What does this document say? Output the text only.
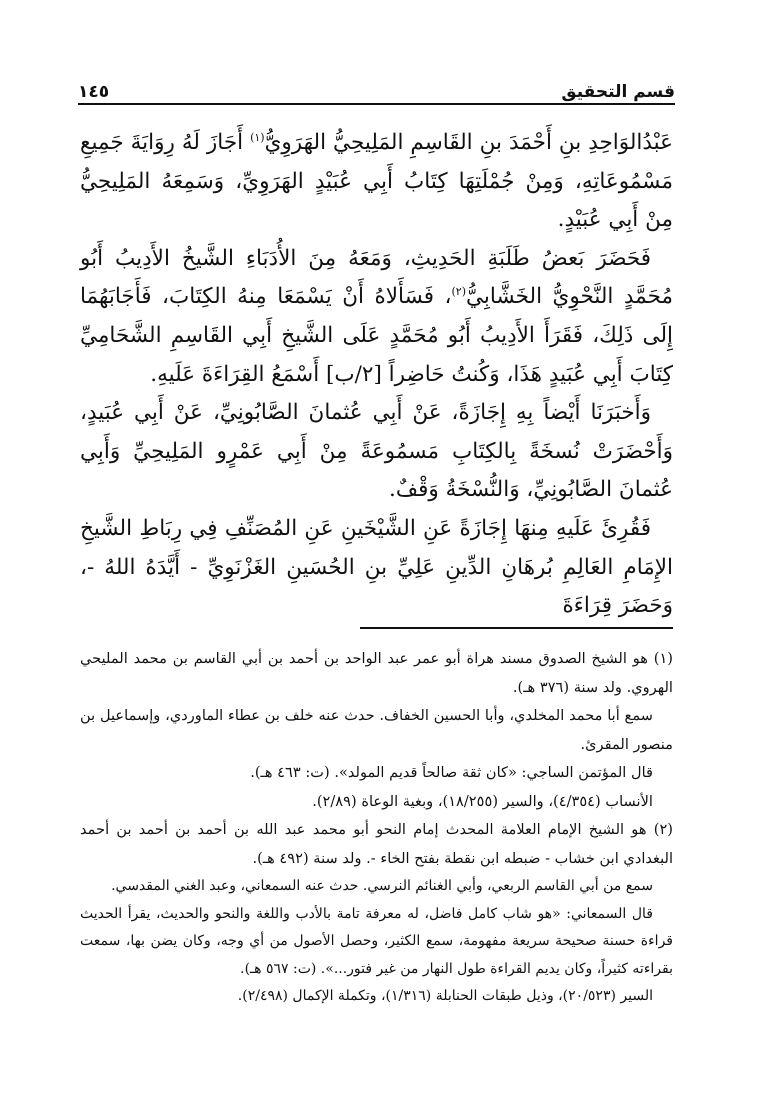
قسم التحقيق
١٤٥

عَبْدُالوَاحِدِ بنِ أَحْمَدَ بنِ القَاسِمِ المَلِيحِيُّ الهَرَوِيُّ$^{(١)}$ أَجَازَ لَهُ رِوَايَةَ جَمِيعِ مَسْمُوعَاتِهِ، وَمِنْ جُمْلَتِهَا كِتَابُ أَبِي عُبَيْدٍ الهَرَوِيِّ، وَسَمِعَهُ المَلِيحِيُّ مِنْ أَبِي عُبَيْدٍ.

فَحَضَرَ بَعضُ طَلَبَةِ الحَدِيثِ، وَمَعَهُ مِنَ الأُدَبَاءِ الشَّيخُ الأَدِيبُ أَبُو مُحَمَّدٍ النَّحْوِيُّ الخَشَّابِيُّ$^{(٢)}$، فَسَأَلاهُ أَنْ يَسْمَعَا مِنهُ الكِتَابَ، فَأَجَابَهُمَا إِلَى ذَلِكَ، فَقَرَأَ الأَدِيبُ أَبُو مُحَمَّدٍ عَلَى الشَّيخِ أَبِي القَاسِمِ الشَّحَامِيِّ كِتَابَ أَبِي عُبَيدٍ هَذَا، وَكُنتُ حَاضِراً [٢/ب] أَسْمَعُ القِرَاءَةَ عَلَيهِ.

وَأَخبَرَنَا أَيْضاً بِهِ إِجَازَةً، عَنْ أَبِي عُثمانَ الصَّابُونِيِّ، عَنْ أَبِي عُبَيدٍ، وَأَحْضَرَتْ نُسخَةً بِالكِتَابِ مَسمُوعَةً مِنْ أَبِي عَمْرٍو المَلِيحِيِّ وَأَبِي عُثمانَ الصَّابُونِيِّ، وَالنُّسْخَةُ وَقْفٌ.

فَقُرِئَ عَلَيهِ مِنهَا إِجَازَةً عَنِ الشَّيْخَينِ عَنِ المُصَنِّفِ فِي رِبَاطِ الشَّيخِ الإِمَامِ العَالِمِ بُرهَانِ الدِّينِ عَلِيِّ بنِ الحُسَينِ الغَزْنَوِيِّ - أَيَّدَهُ اللهُ -، وَحَضَرَ قِرَاءَةَ

(١) هو الشيخ الصدوق مسند هراة أبو عمر عبد الواحد بن أحمد بن أبي القاسم بن محمد المليحي الهروي. ولد سنة (٣٧٦ هـ).

سمع أبا محمد المخلدي، وأبا الحسين الخفاف. حدث عنه خلف بن عطاء الماوردي، وإسماعيل بن منصور المقرئ.

قال المؤتمن الساجي: «كان ثقة صالحاً قديم المولد». (ت: ٤٦٣ هـ).

الأنساب (٤/٣٥٤)، والسير (١٨/٢٥٥)، وبغية الوعاة (٢/٨٩).

(٢) هو الشيخ الإمام العلامة المحدث إمام النحو أبو محمد عبد الله بن أحمد بن أحمد بن أحمد البغدادي ابن خشاب - ضبطه ابن نقطة بفتح الخاء -. ولد سنة (٤٩٢ هـ).

سمع من أبي القاسم الربعي، وأبي الغنائم النرسي. حدث عنه السمعاني، وعبد الغني المقدسي.

قال السمعاني: «هو شاب كامل فاضل، له معرفة تامة بالأدب واللغة والنحو والحديث، يقرأ الحديث قراءة حسنة صحيحة سريعة مفهومة، سمع الكثير، وحصل الأصول من أي وجه، وكان يضن بها، سمعت بقراءته كثيراً، وكان يديم القراءة طول النهار من غير فتور...». (ت: ٥٦٧ هـ).

السير (٢٠/٥٢٣)، وذيل طبقات الحنابلة (١/٣١٦)، وتكملة الإكمال (٢/٤٩٨).
